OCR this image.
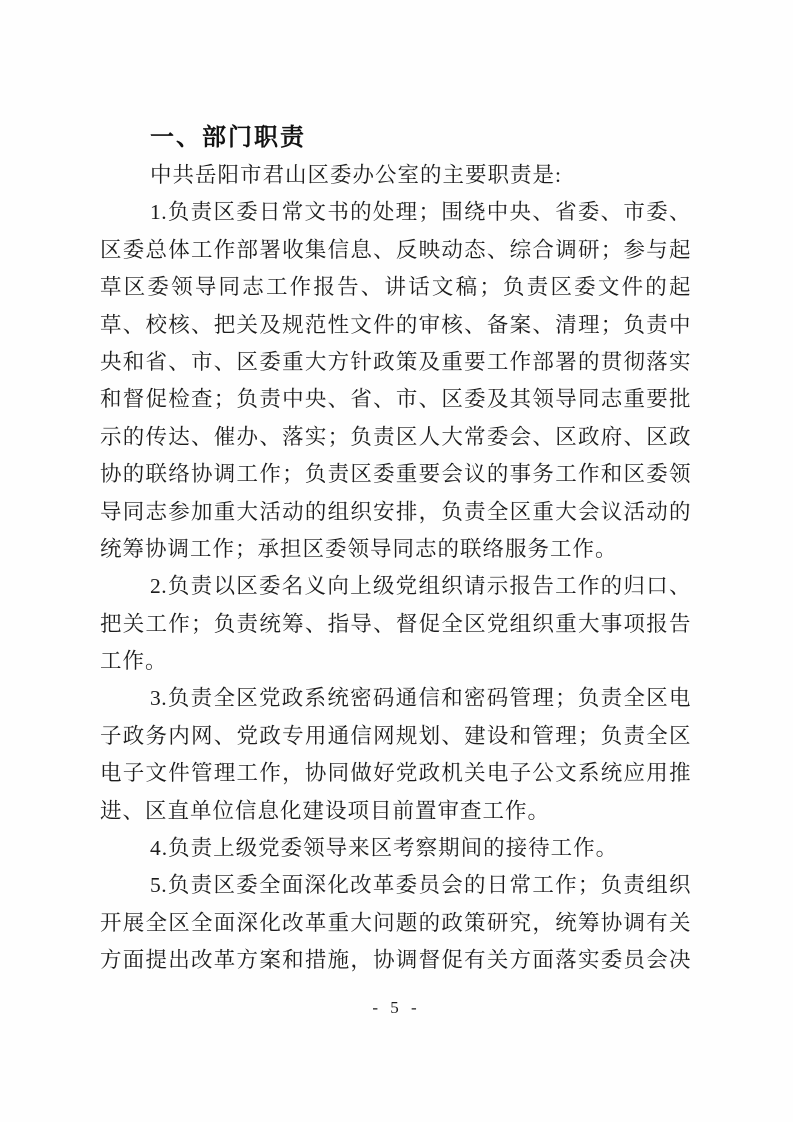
一、部门职责
中共岳阳市君山区委办公室的主要职责是:
1.负责区委日常文书的处理；围绕中央、省委、市委、
区委总体工作部署收集信息、反映动态、综合调研；参与起
草区委领导同志工作报告、讲话文稿；负责区委文件的起
草、校核、把关及规范性文件的审核、备案、清理；负责中
央和省、市、区委重大方针政策及重要工作部署的贯彻落实
和督促检查；负责中央、省、市、区委及其领导同志重要批
示的传达、催办、落实；负责区人大常委会、区政府、区政
协的联络协调工作；负责区委重要会议的事务工作和区委领
导同志参加重大活动的组织安排，负责全区重大会议活动的
统筹协调工作；承担区委领导同志的联络服务工作。
2.负责以区委名义向上级党组织请示报告工作的归口、
把关工作；负责统筹、指导、督促全区党组织重大事项报告
工作。
3.负责全区党政系统密码通信和密码管理；负责全区电
子政务内网、党政专用通信网规划、建设和管理；负责全区
电子文件管理工作，协同做好党政机关电子公文系统应用推
进、区直单位信息化建设项目前置审查工作。
4.负责上级党委领导来区考察期间的接待工作。
5.负责区委全面深化改革委员会的日常工作；负责组织
开展全区全面深化改革重大问题的政策研究，统筹协调有关
方面提出改革方案和措施，协调督促有关方面落实委员会决
- 5 -
